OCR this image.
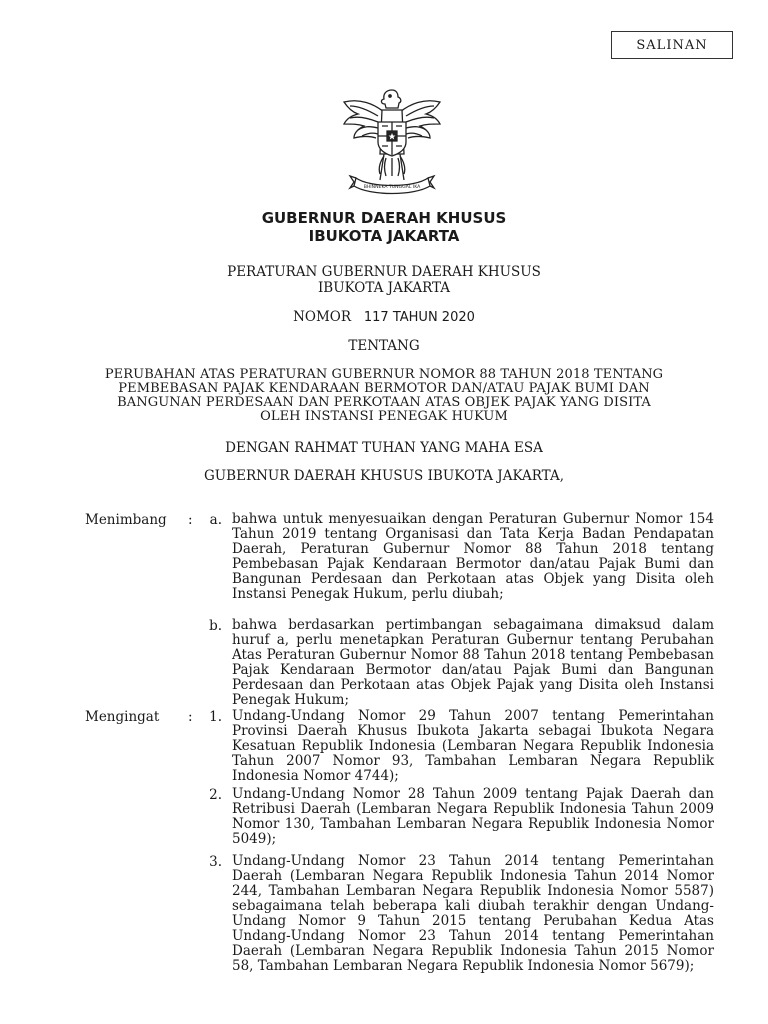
SALINAN
BHINNEKA TUNGGAL IKA
GUBERNUR DAERAH KHUSUS
IBUKOTA JAKARTA
PERATURAN GUBERNUR DAERAH KHUSUS
IBUKOTA JAKARTA
NOMOR 117 TAHUN 2020
TENTANG
PERUBAHAN ATAS PERATURAN GUBERNUR NOMOR 88 TAHUN 2018 TENTANG
PEMBEBASAN PAJAK KENDARAAN BERMOTOR DAN/ATAU PAJAK BUMI DAN
BANGUNAN PERDESAAN DAN PERKOTAAN ATAS OBJEK PAJAK YANG DISITA
OLEH INSTANSI PENEGAK HUKUM
DENGAN RAHMAT TUHAN YANG MAHA ESA
GUBERNUR DAERAH KHUSUS IBUKOTA JAKARTA,
Menimbang :	a. bahwa untuk menyesuaikan dengan Peraturan Gubernur Nomor 154 Tahun 2019 tentang Organisasi dan Tata Kerja Badan Pendapatan Daerah, Peraturan Gubernur Nomor 88 Tahun 2018 tentang Pembebasan Pajak Kendaraan Bermotor dan/atau Pajak Bumi dan Bangunan Perdesaan dan Perkotaan atas Objek yang Disita oleh Instansi Penegak Hukum, perlu diubah;
b. bahwa berdasarkan pertimbangan sebagaimana dimaksud dalam huruf a, perlu menetapkan Peraturan Gubernur tentang Perubahan Atas Peraturan Gubernur Nomor 88 Tahun 2018 tentang Pembebasan Pajak Kendaraan Bermotor dan/atau Pajak Bumi dan Bangunan Perdesaan dan Perkotaan atas Objek Pajak yang Disita oleh Instansi Penegak Hukum;
Mengingat :	1. Undang-Undang Nomor 29 Tahun 2007 tentang Pemerintahan Provinsi Daerah Khusus Ibukota Jakarta sebagai Ibukota Negara Kesatuan Republik Indonesia (Lembaran Negara Republik Indonesia Tahun 2007 Nomor 93, Tambahan Lembaran Negara Republik Indonesia Nomor 4744);
2. Undang-Undang Nomor 28 Tahun 2009 tentang Pajak Daerah dan Retribusi Daerah (Lembaran Negara Republik Indonesia Tahun 2009 Nomor 130, Tambahan Lembaran Negara Republik Indonesia Nomor 5049);
3. Undang-Undang Nomor 23 Tahun 2014 tentang Pemerintahan Daerah (Lembaran Negara Republik Indonesia Tahun 2014 Nomor 244, Tambahan Lembaran Negara Republik Indonesia Nomor 5587) sebagaimana telah beberapa kali diubah terakhir dengan Undang-Undang Nomor 9 Tahun 2015 tentang Perubahan Kedua Atas Undang-Undang Nomor 23 Tahun 2014 tentang Pemerintahan Daerah (Lembaran Negara Republik Indonesia Tahun 2015 Nomor 58, Tambahan Lembaran Negara Republik Indonesia Nomor 5679);
